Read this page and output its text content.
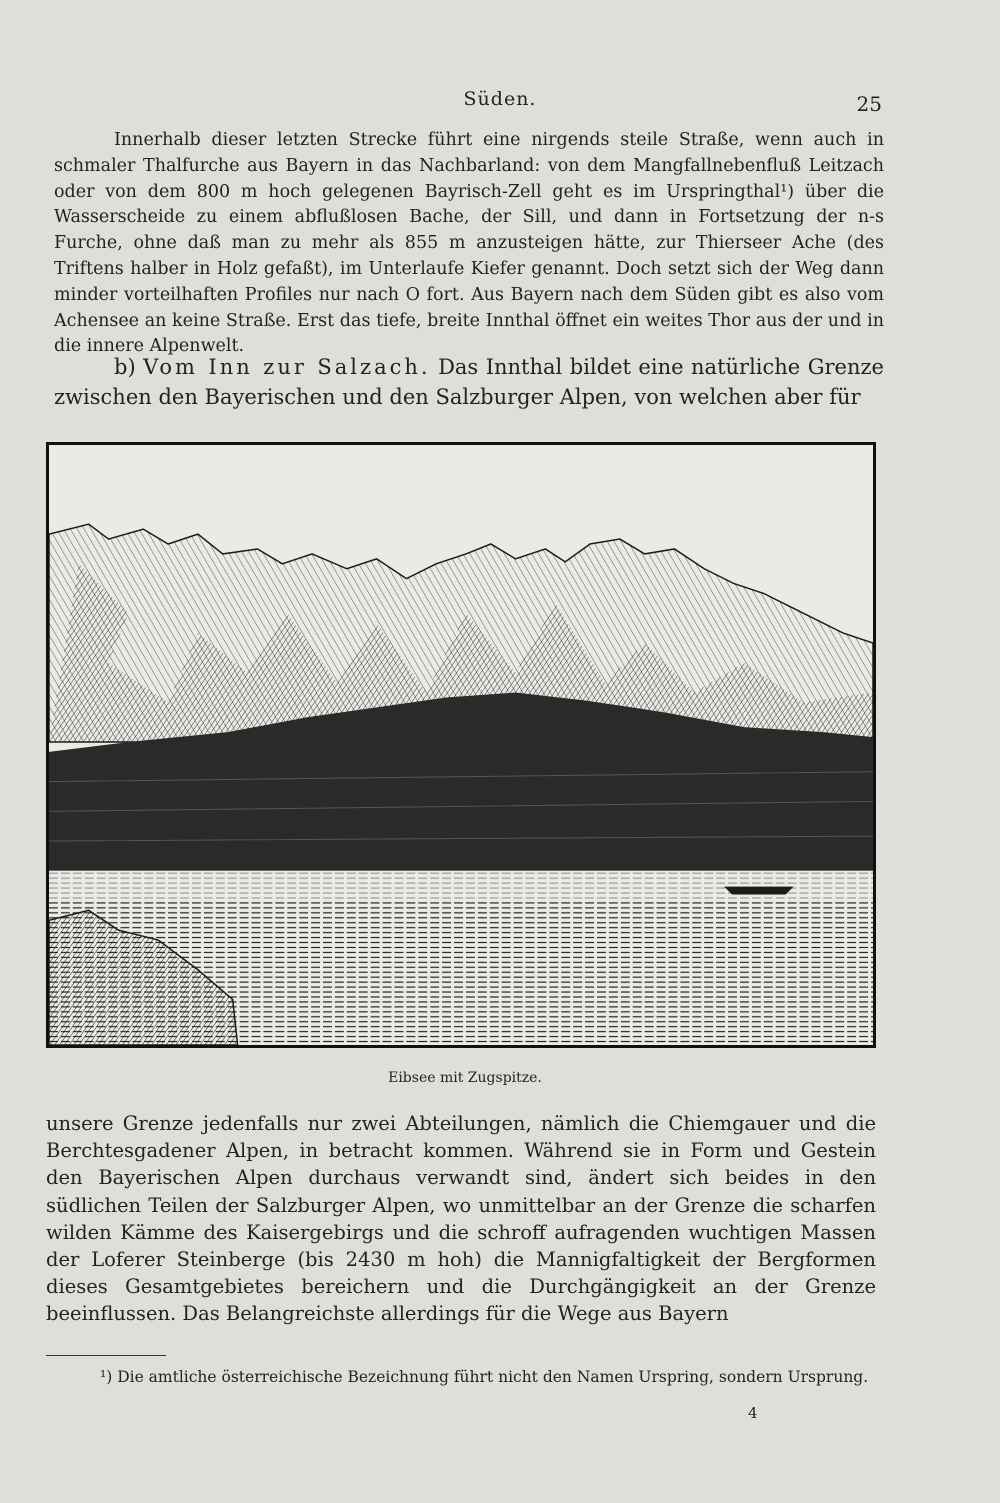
Süden.	25

Innerhalb dieser letzten Strecke führt eine nirgends steile Straße, wenn auch in schmaler Thalfurche aus Bayern in das Nachbarland: von dem Mangfallnebenfluß Leitzach oder von dem 800 m hoch gelegenen Bayrisch-Zell geht es im Urspringthal¹) über die Wasserscheide zu einem abflußlosen Bache, der Sill, und dann in Fortsetzung der n-s Furche, ohne daß man zu mehr als 855 m anzusteigen hätte, zur Thierseer Ache (des Triftens halber in Holz gefaßt), im Unterlaufe Kiefer genannt. Doch setzt sich der Weg dann minder vorteilhaften Profiles nur nach O fort. Aus Bayern nach dem Süden gibt es also vom Achensee an keine Straße. Erst das tiefe, breite Innthal öffnet ein weites Thor aus der und in die innere Alpenwelt.

b) Vom Inn zur Salzach. Das Innthal bildet eine natürliche Grenze zwischen den Bayerischen und den Salzburger Alpen, von welchen aber für

Eibsee mit Zugspitze.

unsere Grenze jedenfalls nur zwei Abteilungen, nämlich die Chiemgauer und die Berchtesgadener Alpen, in betracht kommen. Während sie in Form und Gestein den Bayerischen Alpen durchaus verwandt sind, ändert sich beides in den südlichen Teilen der Salzburger Alpen, wo unmittelbar an der Grenze die scharfen wilden Kämme des Kaisergebirgs und die schroff aufragenden wuchtigen Massen der Loferer Steinberge (bis 2430 m hoh) die Mannigfaltigkeit der Bergformen dieses Gesamtgebietes bereichern und die Durchgängigkeit an der Grenze beeinflussen. Das Belangreichste allerdings für die Wege aus Bayern

¹) Die amtliche österreichische Bezeichnung führt nicht den Namen Urspring, sondern Ursprung.

4
